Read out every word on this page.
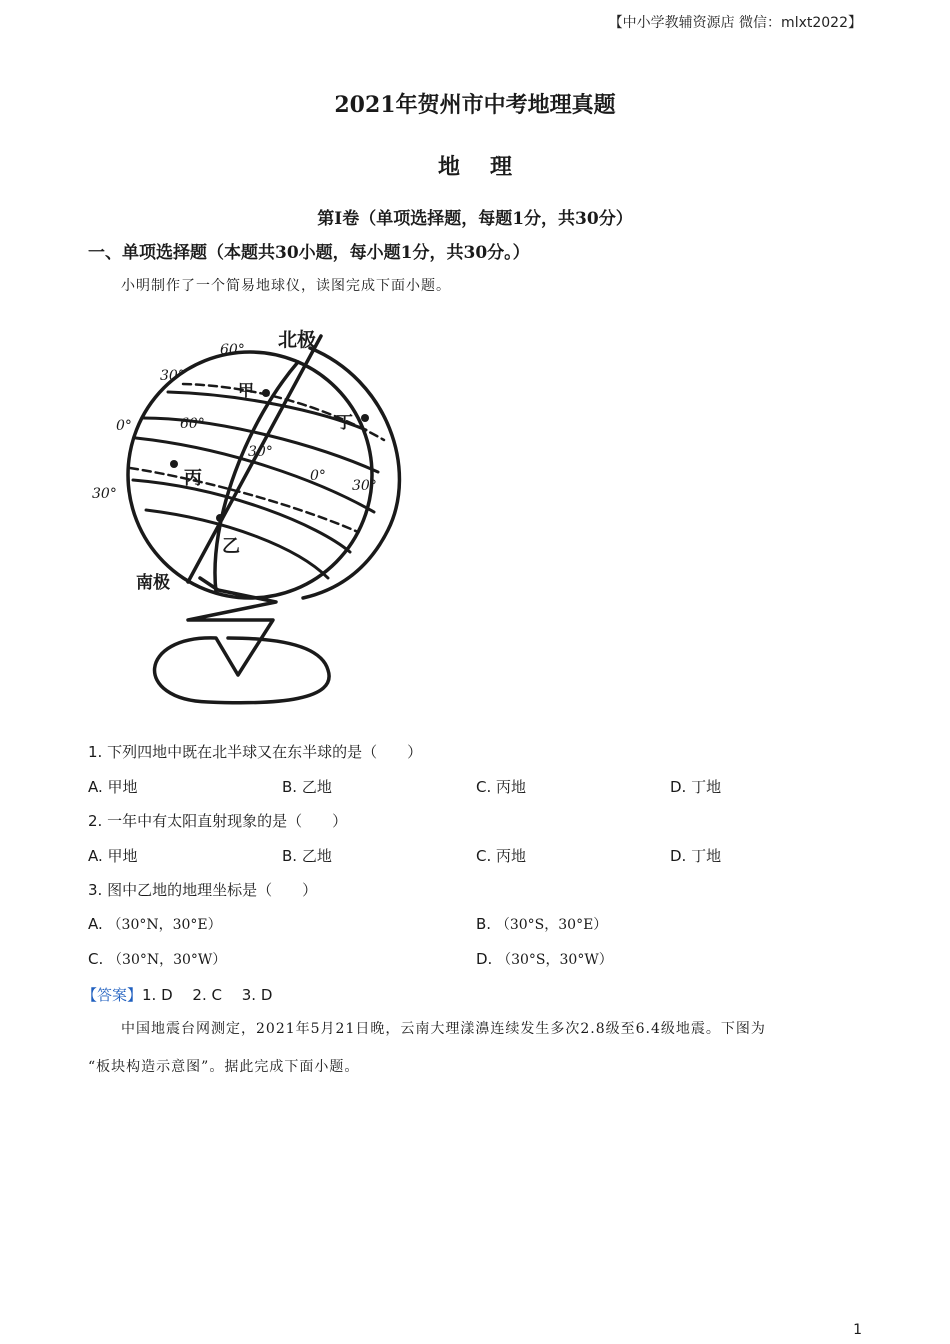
【中小学教辅资源店 微信：mlxt2022】
2021年贺州市中考地理真题
地理
第Ⅰ卷（单项选择题，每题1分，共30分）
一、单项选择题（本题共30小题，每小题1分，共30分。）
小明制作了一个简易地球仪，读图完成下面小题。
北极
南极
60°
30°
0°
30°
60°
30°
0°
30°
甲
丁
丙
乙
1. 下列四地中既在北半球又在东半球的是（　　）
A. 甲地	B. 乙地	C. 丙地	D. 丁地
2. 一年中有太阳直射现象的是（　　）
A. 甲地	B. 乙地	C. 丙地	D. 丁地
3. 图中乙地的地理坐标是（　　）
A. （30°N，30°E）	B. （30°S，30°E）
C. （30°N，30°W）	D. （30°S，30°W）
【答案】1. D　 2. C　 3. D
中国地震台网测定，2021年5月21日晚，云南大理漾濞连续发生多次2.8级至6.4级地震。下图为
“板块构造示意图”。据此完成下面小题。
1
